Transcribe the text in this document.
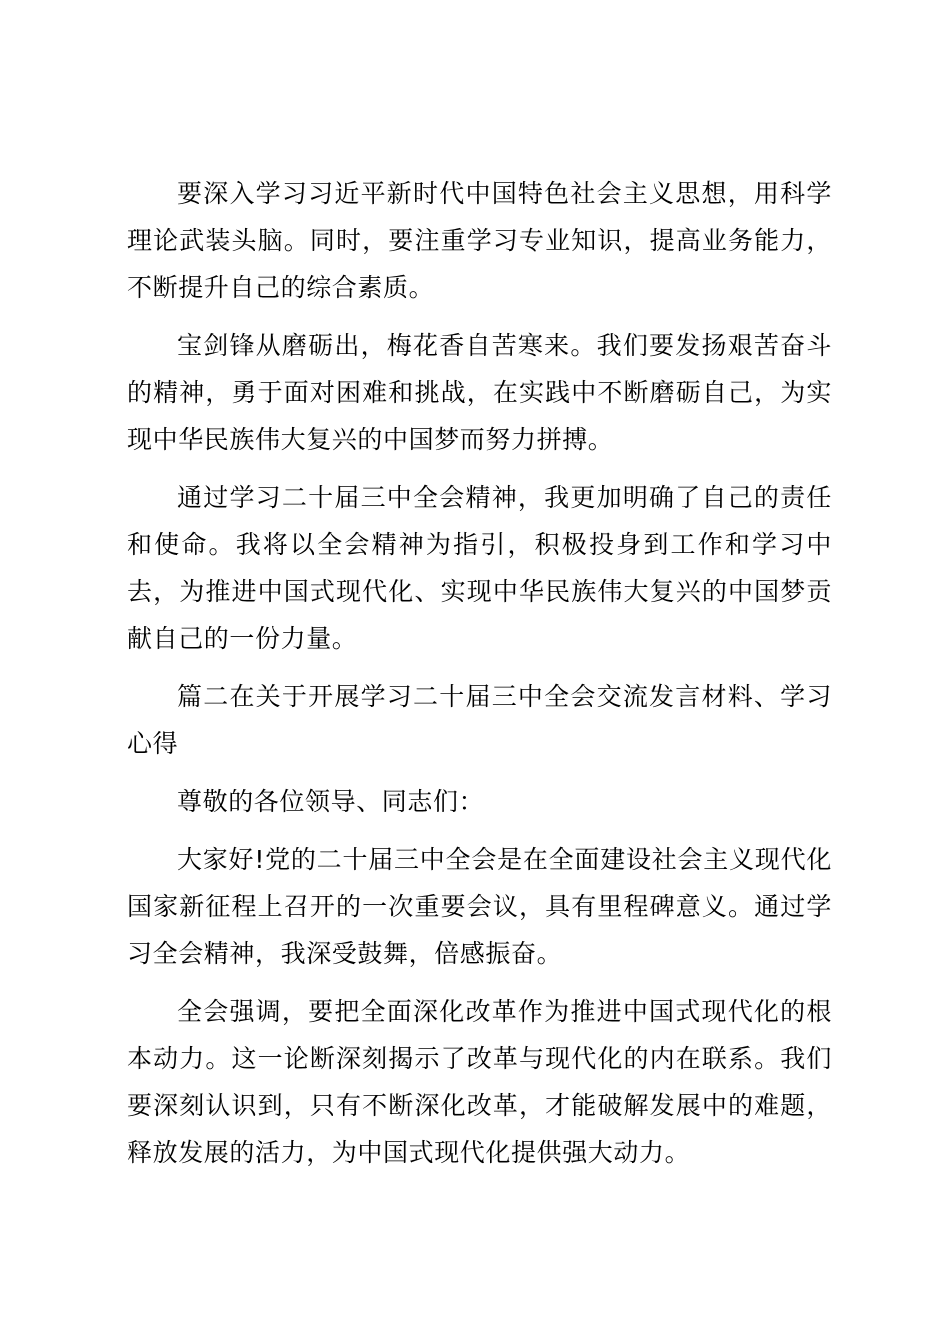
要深入学习习近平新时代中国特色社会主义思想，用科学理论武装头脑。同时，要注重学习专业知识，提高业务能力，不断提升自己的综合素质。

宝剑锋从磨砺出，梅花香自苦寒来。我们要发扬艰苦奋斗的精神，勇于面对困难和挑战，在实践中不断磨砺自己，为实现中华民族伟大复兴的中国梦而努力拼搏。

通过学习二十届三中全会精神，我更加明确了自己的责任和使命。我将以全会精神为指引，积极投身到工作和学习中去，为推进中国式现代化、实现中华民族伟大复兴的中国梦贡献自己的一份力量。

篇二在关于开展学习二十届三中全会交流发言材料、学习心得

尊敬的各位领导、同志们：

大家好!党的二十届三中全会是在全面建设社会主义现代化国家新征程上召开的一次重要会议，具有里程碑意义。通过学习全会精神，我深受鼓舞，倍感振奋。

全会强调，要把全面深化改革作为推进中国式现代化的根本动力。这一论断深刻揭示了改革与现代化的内在联系。我们要深刻认识到，只有不断深化改革，才能破解发展中的难题，释放发展的活力，为中国式现代化提供强大动力。
